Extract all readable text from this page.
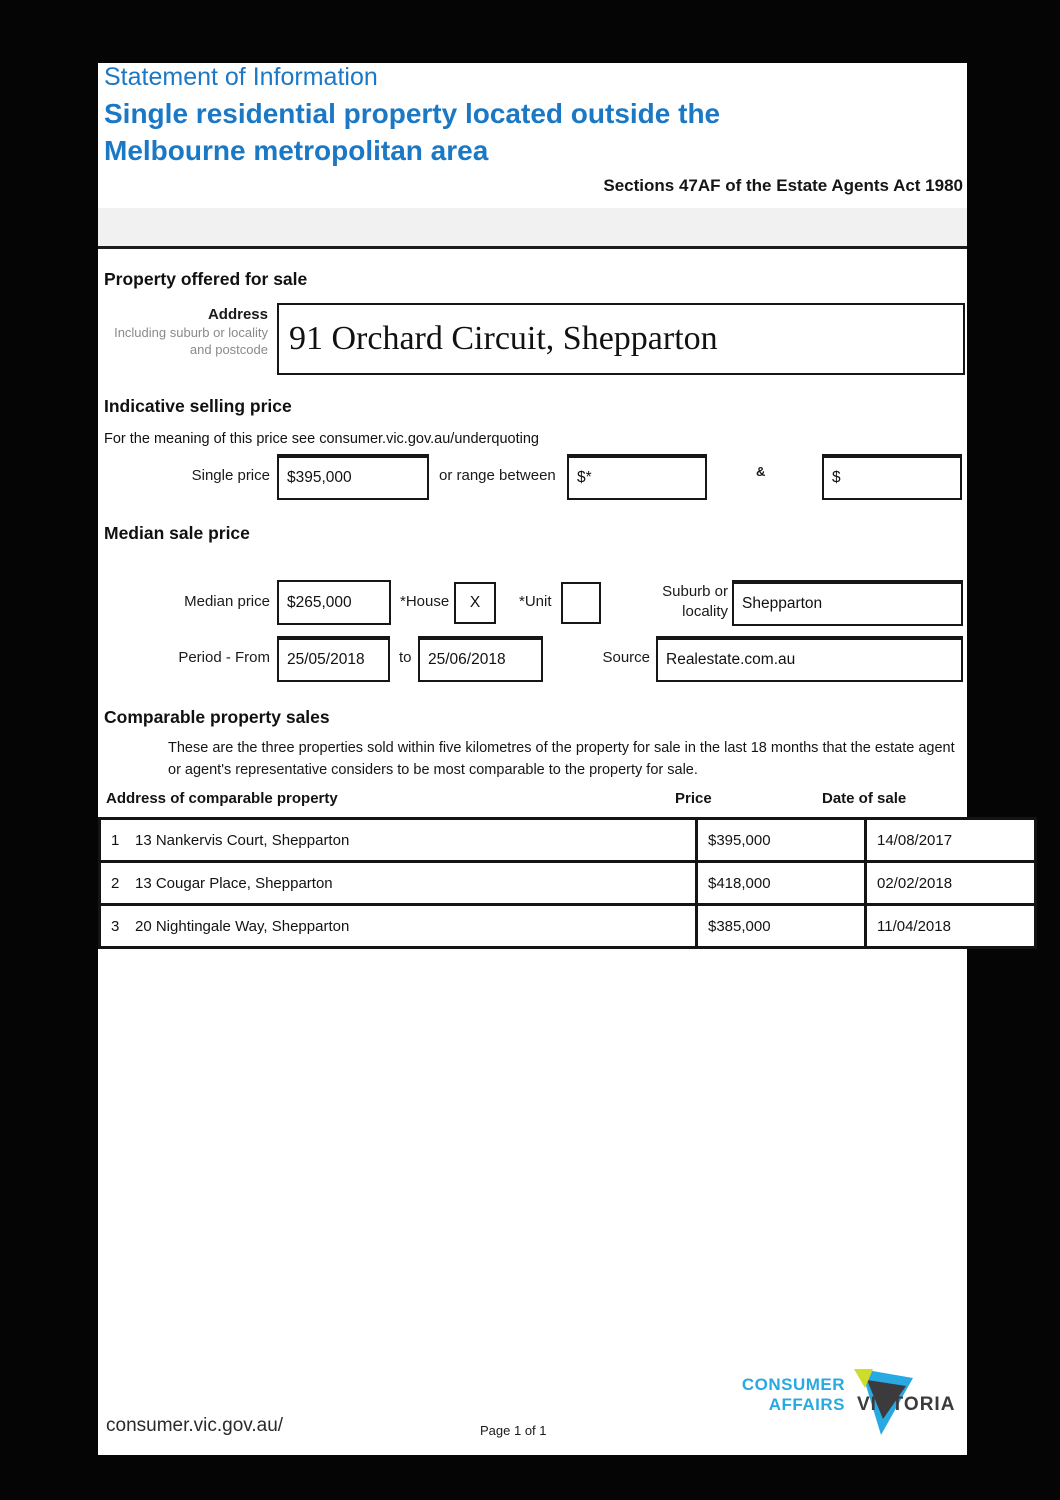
Statement of Information
Single residential property located outside the Melbourne metropolitan area
Sections 47AF of the Estate Agents Act 1980
Property offered for sale
Address
Including suburb or locality and postcode 91 Orchard Circuit, Shepparton
Indicative selling price
For the meaning of this price see consumer.vic.gov.au/underquoting
Single price	$395,000	or range between	$*	&	$
Median sale price
Median price	$265,000	*House	X	*Unit
Suburb or locality Shepparton
Period - From	25/05/2018	to	25/06/2018	Source	Realestate.com.au
Comparable property sales
These are the three properties sold within five kilometres of the property for sale in the last 18 months that the estate agent or agent's representative considers to be most comparable to the property for sale.
Address of comparable property	Price	Date of sale
1 13 Nankervis Court, Shepparton	$395,000	14/08/2017
2 13 Cougar Place, Shepparton	$418,000	02/02/2018
3 20 Nightingale Way, Shepparton	$385,000	11/04/2018
CONSUMER
AFFAIRS VICTORIA
consumer.vic.gov.au/	Page 1 of 1
